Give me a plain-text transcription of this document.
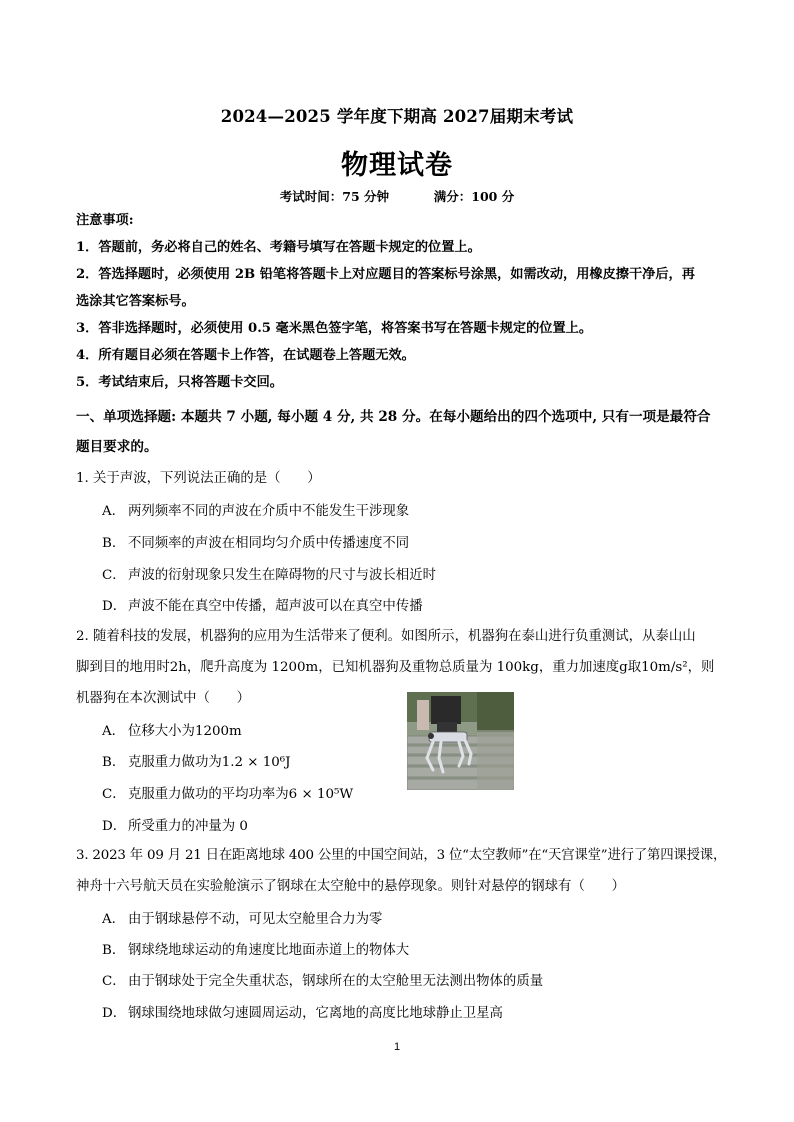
2024—2025 学年度下期高 2027届期末考试
物理试卷
考试时间：75 分钟	满分：100 分
注意事项:
1．答题前，务必将自己的姓名、考籍号填写在答题卡规定的位置上。
2．答选择题时，必须使用 2B 铅笔将答题卡上对应题目的答案标号涂黑，如需改动，用橡皮擦干净后，再
选涂其它答案标号。
3．答非选择题时，必须使用 0.5 毫米黑色签字笔，将答案书写在答题卡规定的位置上。
4．所有题目必须在答题卡上作答，在试题卷上答题无效。
5．考试结束后，只将答题卡交回。
一、单项选择题: 本题共 7 小题, 每小题 4 分, 共 28 分。在每小题给出的四个选项中, 只有一项是最符合
题目要求的。
1. 关于声波，下列说法正确的是（　　）
A． 两列频率不同的声波在介质中不能发生干涉现象
B． 不同频率的声波在相同均匀介质中传播速度不同
C． 声波的衍射现象只发生在障碍物的尺寸与波长相近时
D． 声波不能在真空中传播，超声波可以在真空中传播
2. 随着科技的发展，机器狗的应用为生活带来了便利。如图所示，机器狗在泰山进行负重测试，从泰山山
脚到目的地用时2h，爬升高度为 1200m，已知机器狗及重物总质量为 100kg，重力加速度g取10m/s²，则
机器狗在本次测试中（　　）
A． 位移大小为1200m
B． 克服重力做功为1.2 × 10⁶J
C． 克服重力做功的平均功率为6 × 10⁵W
D． 所受重力的冲量为 0
3. 2023 年 09 月 21 日在距离地球 400 公里的中国空间站，3 位“太空教师”在“天宫课堂”进行了第四课授课，
神舟十六号航天员在实验舱演示了钢球在太空舱中的悬停现象。则针对悬停的钢球有（　　）
A． 由于钢球悬停不动，可见太空舱里合力为零
B． 钢球绕地球运动的角速度比地面赤道上的物体大
C． 由于钢球处于完全失重状态，钢球所在的太空舱里无法测出物体的质量
D． 钢球围绕地球做匀速圆周运动，它离地的高度比地球静止卫星高
1
